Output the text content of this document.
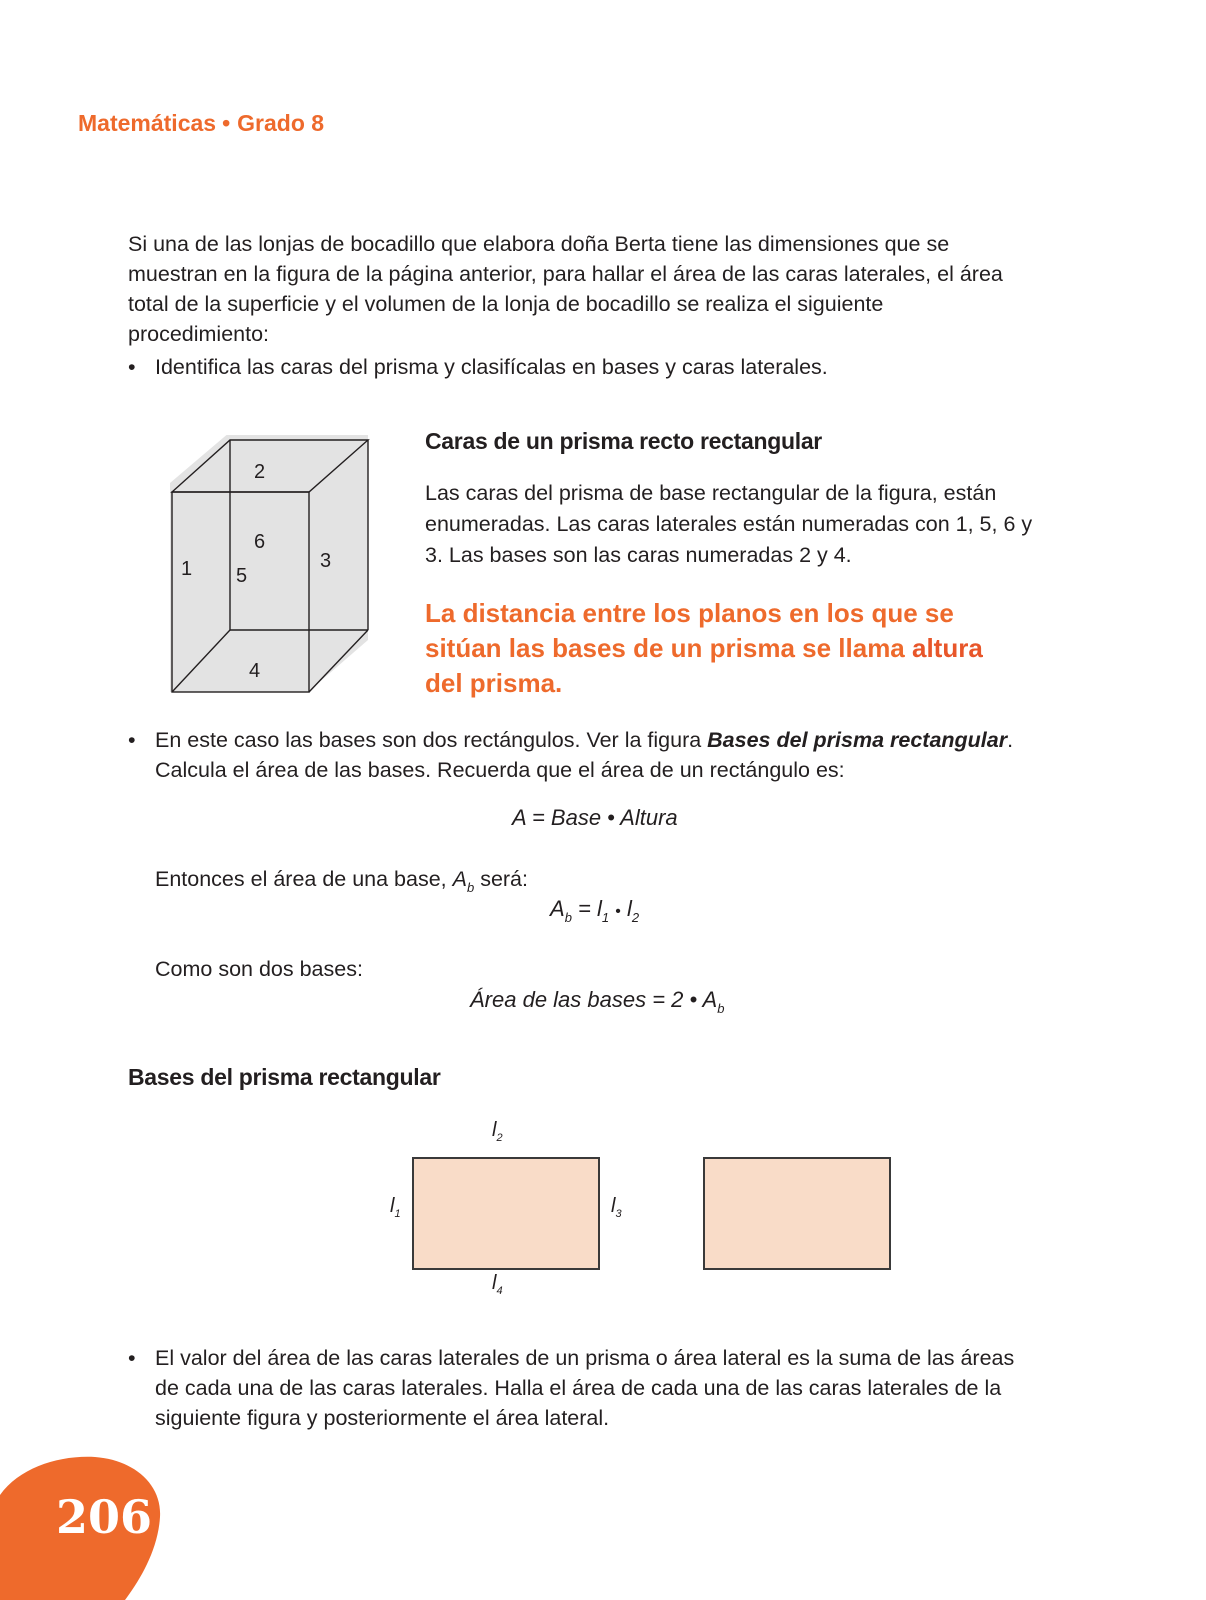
Matemáticas • Grado 8
Si una de las lonjas de bocadillo que elabora doña Berta tiene las dimensiones que se muestran en la figura de la página anterior, para hallar el área de las caras laterales, el área total de la superficie y el volumen de la lonja de bocadillo se realiza el siguiente procedimiento:
• Identifica las caras del prisma y clasifícalas en bases y caras laterales.
2
6
1 5
3
4
Caras de un prisma recto rectangular
Las caras del prisma de base rectangular de la figura, están enumeradas. Las caras laterales están numeradas con 1, 5, 6 y 3. Las bases son las caras numeradas 2 y 4.
La distancia entre los planos en los que se sitúan las bases de un prisma se llama altura del prisma.
• En este caso las bases son dos rectángulos. Ver la figura Bases del prisma rectangular. Calcula el área de las bases. Recuerda que el área de un rectángulo es:
A = Base • Altura
Entonces el área de una base, $A_b$ será:
$A_b = l_1$ • $l_2$
Como son dos bases:
Área de las bases = 2 • $A_b$
Bases del prisma rectangular
$l_2$
$l_1$	$l_3$
$l_4$
• El valor del área de las caras laterales de un prisma o área lateral es la suma de las áreas de cada una de las caras laterales. Halla el área de cada una de las caras laterales de la siguiente figura y posteriormente el área lateral.
206
